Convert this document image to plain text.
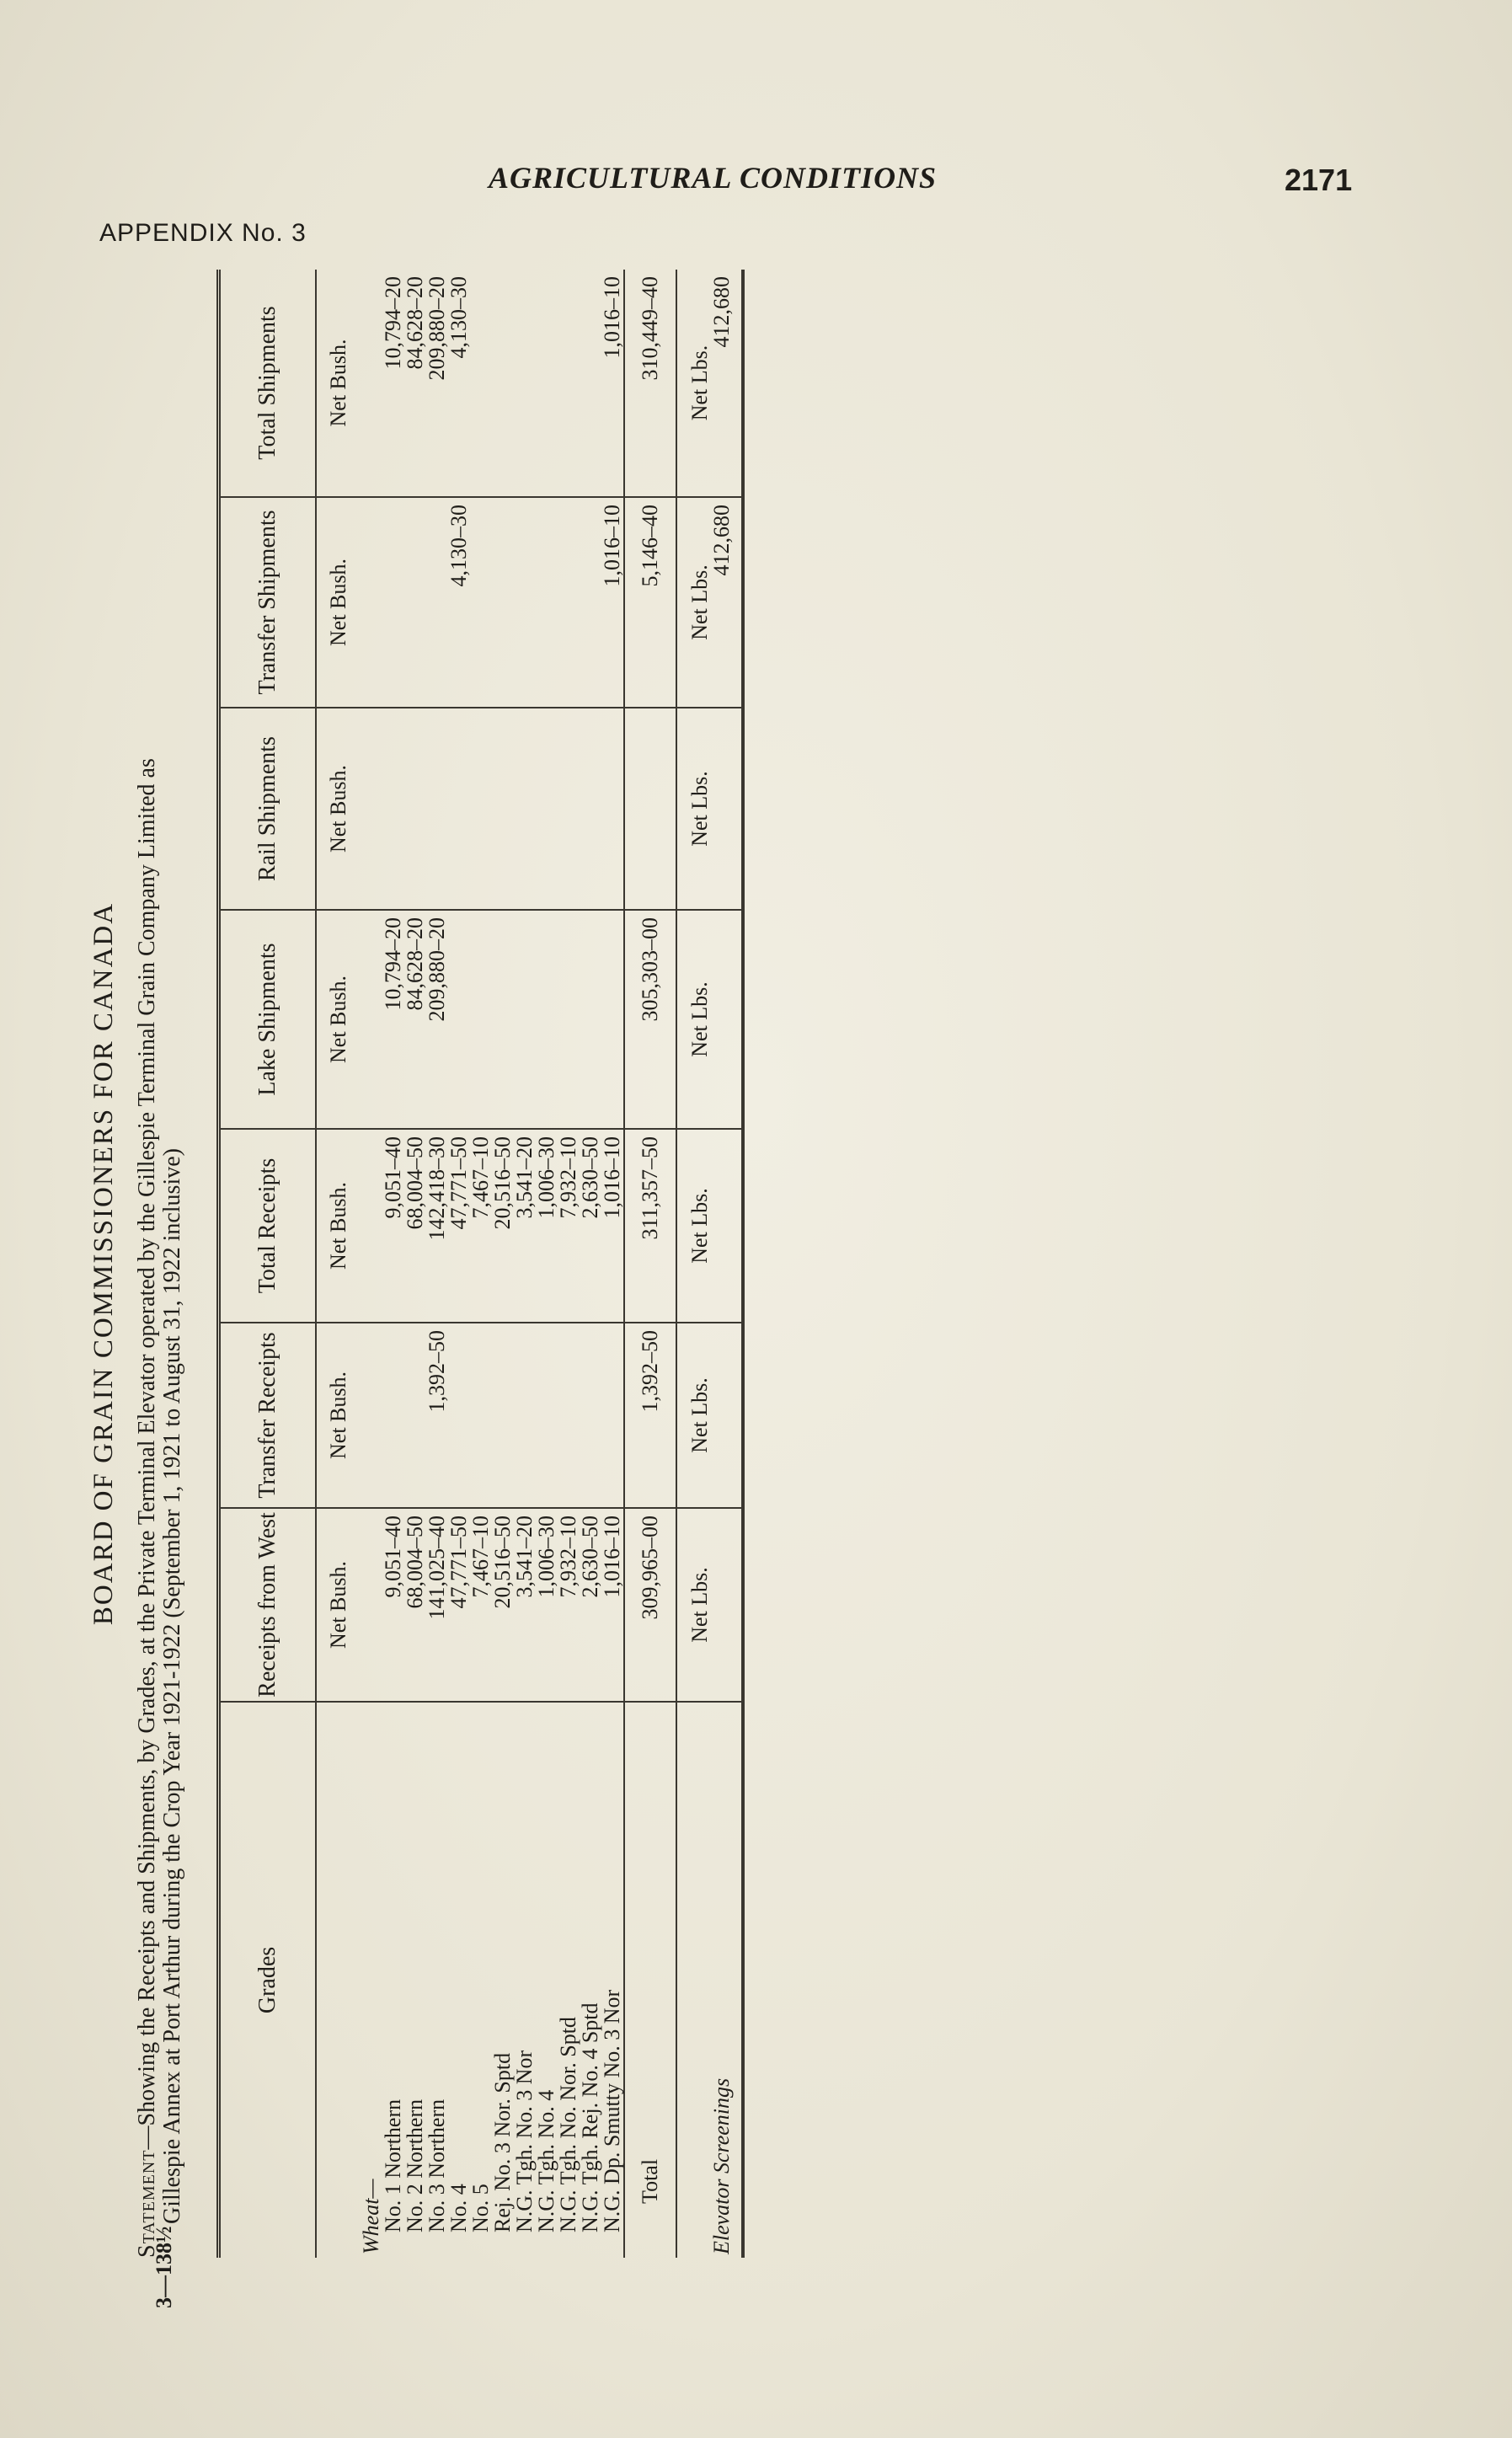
AGRICULTURAL CONDITIONS	2171
APPENDIX No. 3
3—138½
BOARD OF GRAIN COMMISSIONERS FOR CANADA
Statement—Showing the Receipts and Shipments, by Grades, at the Private Terminal Elevator operated by the Gillespie Terminal Grain Company Limited as Gillespie Annex at Port Arthur during the Crop Year 1921-1922 (September 1, 1921 to August 31, 1922 inclusive)	Grades	Receipts from West	Transfer Receipts	Total Receipts	Lake Shipments	Rail Shipments	Transfer Shipments	Total Shipments
	Net Bush.	Net Bush.	Net Bush.	Net Bush.	Net Bush.	Net Bush.	Net Bush.
Wheat—							
No. 1 Northern	9,051–40		9,051–40	10,794–20			10,794–20
No. 2 Northern	68,004–50		68,004–50	84,628–20			84,628–20
No. 3 Northern	141,025–40	1,392–50	142,418–30	209,880–20			209,880–20
No. 4	47,771–50		47,771–50			4,130–30	4,130–30
No. 5	7,467–10		7,467–10				
Rej. No. 3 Nor. Sptd	20,516–50		20,516–50				
N.G. Tgh. No. 3 Nor	3,541–20		3,541–20				
N.G. Tgh. No. 4	1,006–30		1,006–30				
N.G. Tgh. No. Nor. Sptd	7,932–10		7,932–10				
N.G. Tgh. Rej. No. 4 Sptd	2,630–50		2,630–50				
N.G. Dp. Smutty No. 3 Nor	1,016–10		1,016–10			1,016–10	1,016–10
Total	309,965–00	1,392–50	311,357–50	305,303–00		5,146–40	310,449–40
	Net Lbs.	Net Lbs.	Net Lbs.	Net Lbs.	Net Lbs.	Net Lbs.	Net Lbs.
Elevator Screenings						412,680	412,680
